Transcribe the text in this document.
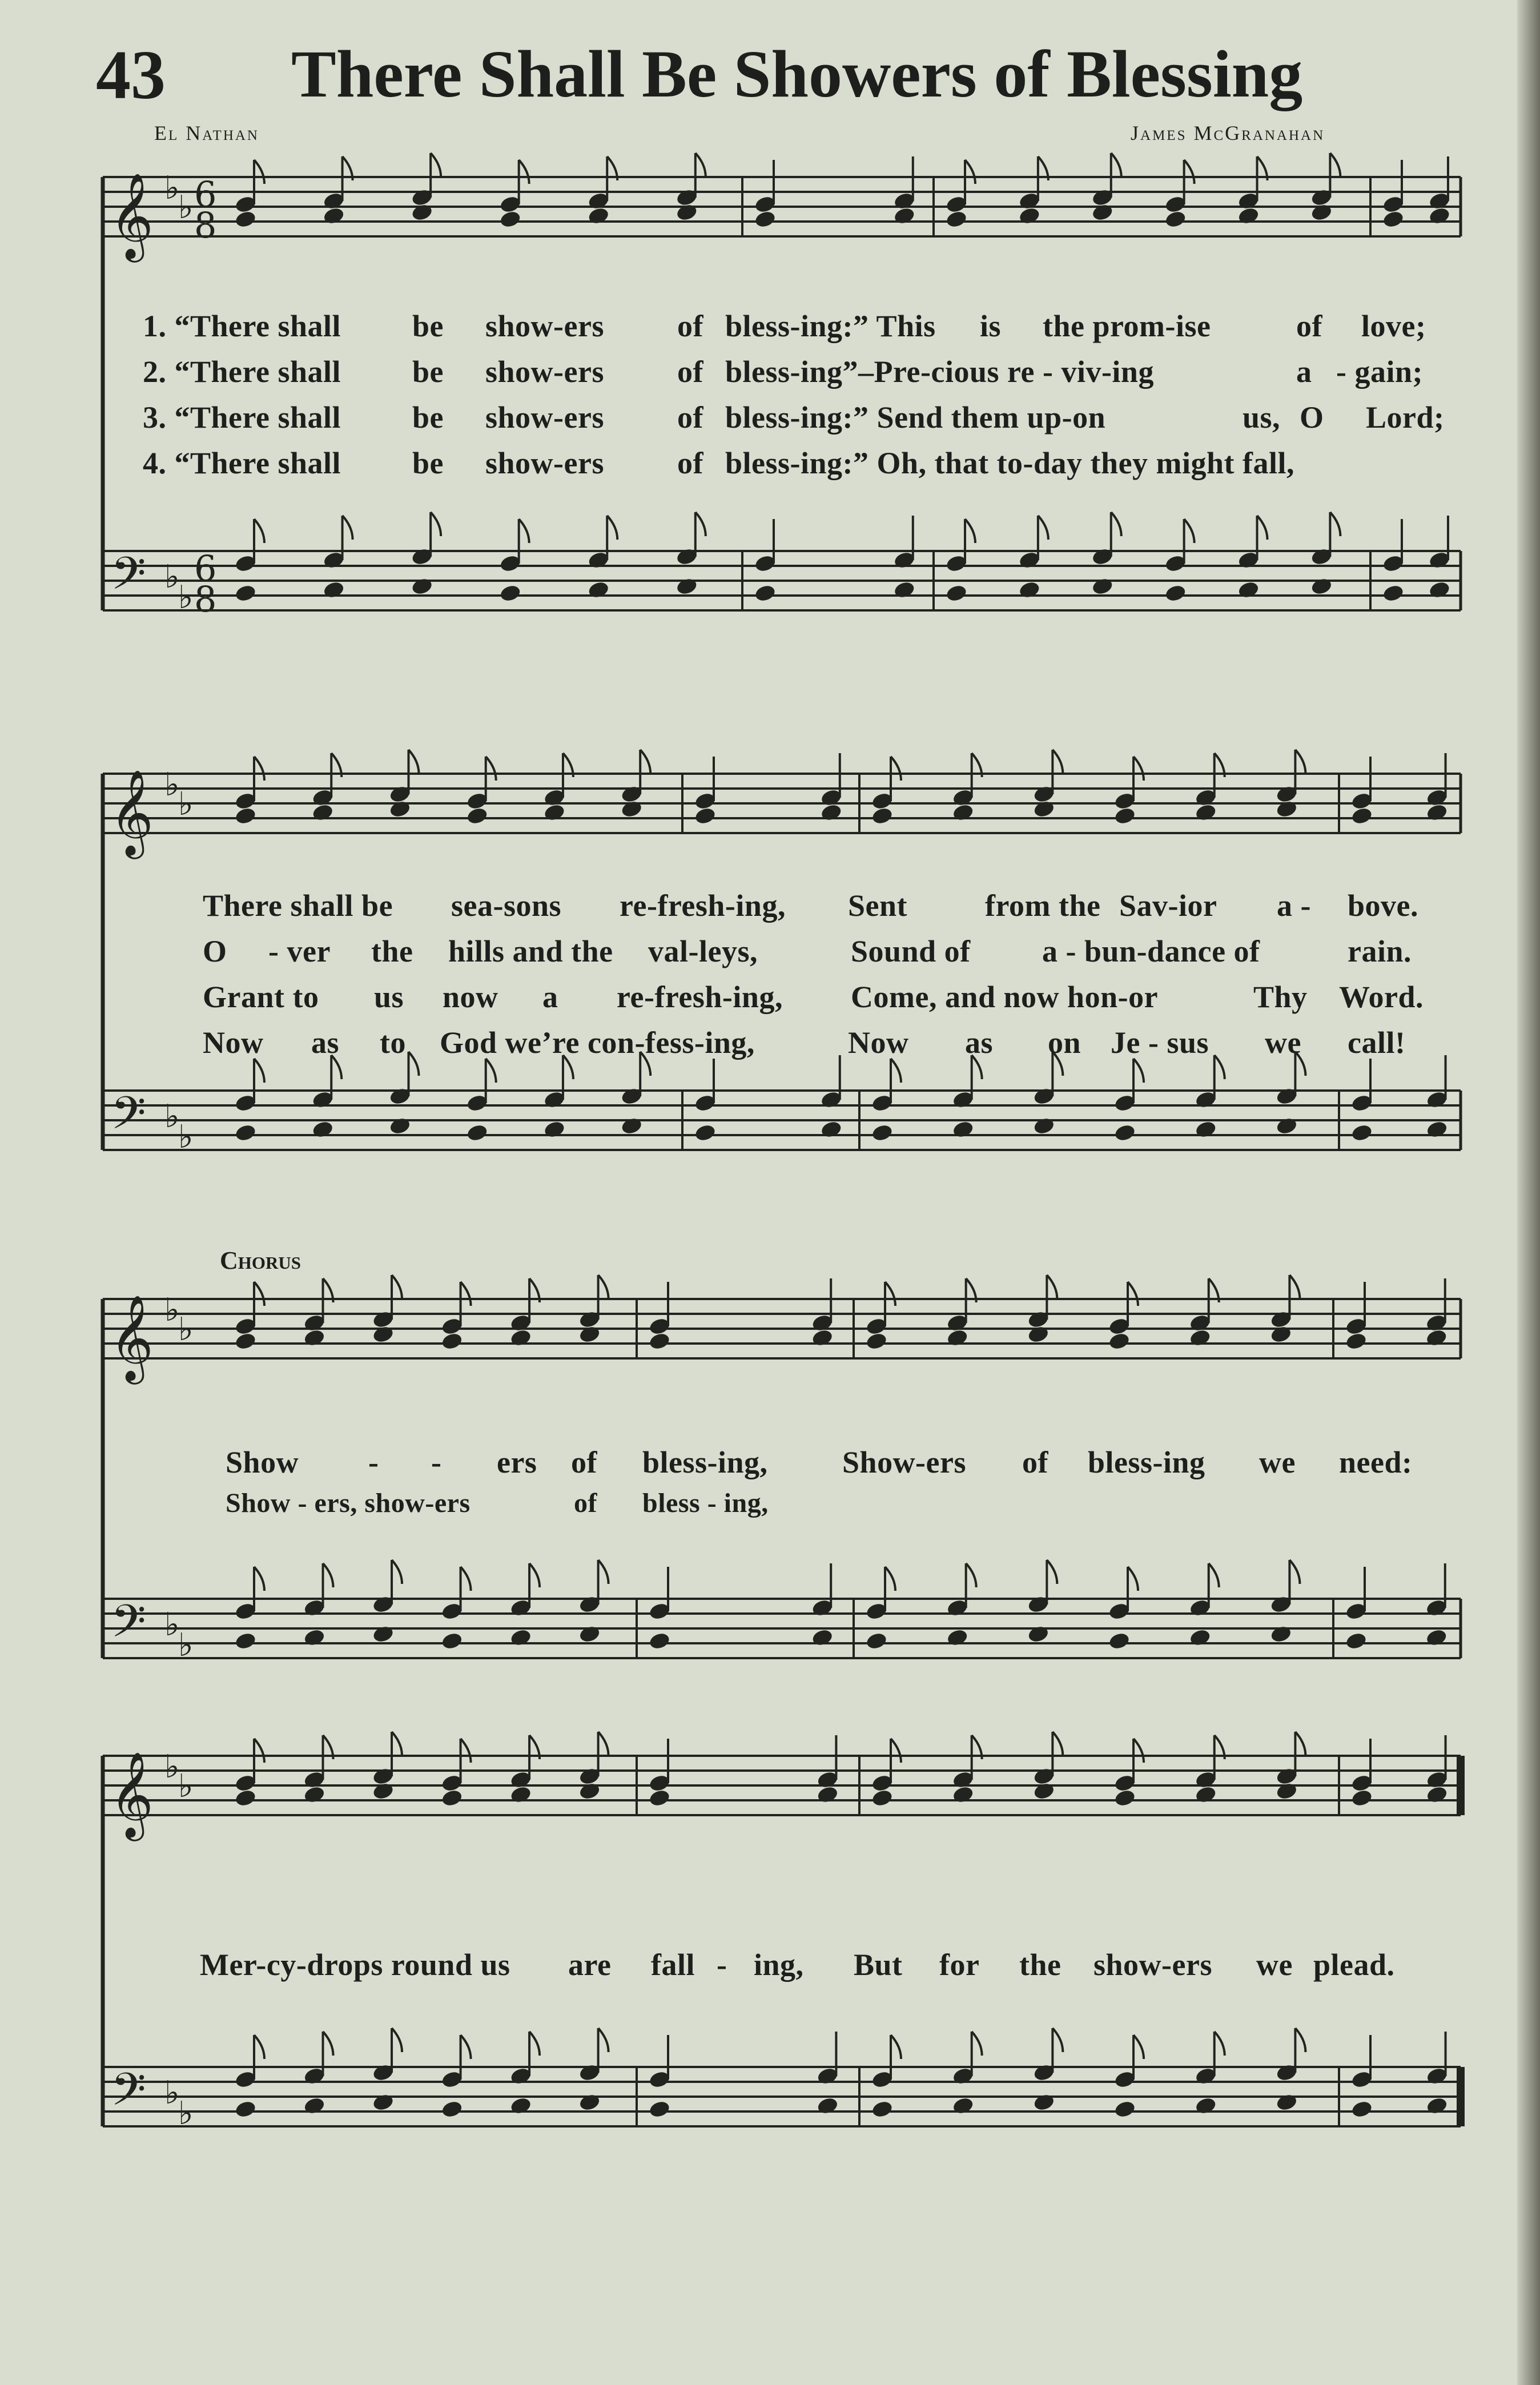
43 There Shall Be Showers of Blessing
El Nathan	James McGranahan
𝄞
𝄢
♭
♭
♭
♭
6
8
6
8
𝄞
𝄢
♭
♭
♭
♭
𝄞
𝄢
♭
♭
♭
♭
𝄞
𝄢
♭
♭
♭
♭
1. “There shall be show-ers of bless-ing:” This is the prom-ise	of love;
2. “There shall be show-ers of bless-ing”–Pre-cious re - viv-ing	a - gain;
3. “There shall be show-ers of bless-ing:” Send them up-on	us, O Lord;
4. “There shall be show-ers of bless-ing:” Oh, that to-day they might fall,
There shall be sea-sons re-fresh-ing, Sent	from the Sav-ior a - bove.
O - ver the hills and the val-leys,	Sound of a - bun-dance of	rain.
Grant to us now a re-fresh-ing, Come, and now hon-or	Thy Word.
Now as to God we’re con-fess-ing,	Now as on Je - sus we call!
Chorus
Show - - ers of bless-ing, Show-ers of bless-ing we need:
Show - ers, show-ers	of bless - ing,
Mer-cy-drops round us are fall - ing, But for the show-ers we plead.
